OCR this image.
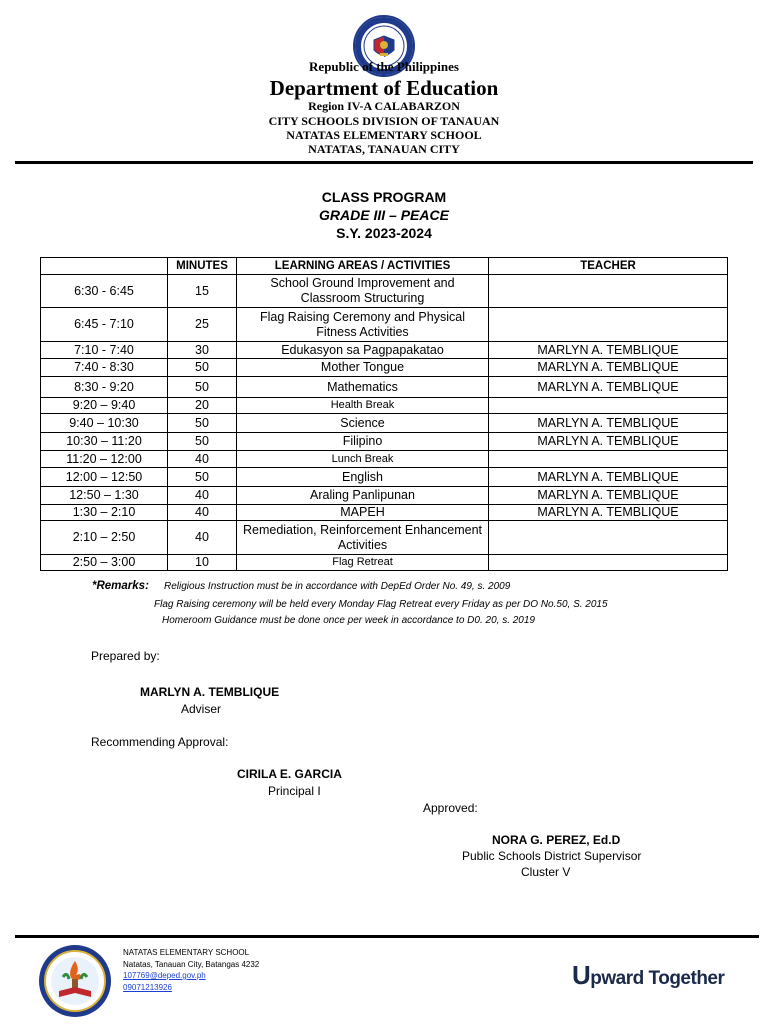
Republic of the Philippines
Department of Education
Region IV-A CALABARZON
CITY SCHOOLS DIVISION OF TANAUAN
NATATAS ELEMENTARY SCHOOL
NATATAS, TANAUAN CITY
CLASS PROGRAM
GRADE III – PEACE
S.Y. 2023-2024
	MINUTES	LEARNING AREAS / ACTIVITIES	TEACHER
6:30 - 6:45	15	School Ground Improvement and Classroom Structuring	
6:45 - 7:10	25	Flag Raising Ceremony and Physical Fitness Activities	
7:10 - 7:40	30	Edukasyon sa Pagpapakatao	MARLYN A. TEMBLIQUE
7:40 - 8:30	50	Mother Tongue	MARLYN A. TEMBLIQUE
8:30 - 9:20	50	Mathematics	MARLYN A. TEMBLIQUE
9:20 – 9:40	20	Health Break	
9:40 – 10:30	50	Science	MARLYN A. TEMBLIQUE
10:30 – 11:20	50	Filipino	MARLYN A. TEMBLIQUE
11:20 – 12:00	40	Lunch Break	
12:00 – 12:50	50	English	MARLYN A. TEMBLIQUE
12:50 – 1:30	40	Araling Panlipunan	MARLYN A. TEMBLIQUE
1:30 – 2:10	40	MAPEH	MARLYN A. TEMBLIQUE
2:10 – 2:50	40	Remediation, Reinforcement Enhancement Activities	
2:50 – 3:00	10	Flag Retreat	
*Remarks: Religious Instruction must be in accordance with DepEd Order No. 49, s. 2009
Flag Raising ceremony will be held every Monday Flag Retreat every Friday as per DO No.50, S. 2015
Homeroom Guidance must be done once per week in accordance to D0. 20, s. 2019
Prepared by:
MARLYN A. TEMBLIQUE
Adviser
Recommending Approval:
CIRILA E. GARCIA
Principal I
Approved:
NORA G. PEREZ, Ed.D
Public Schools District Supervisor
Cluster V
NATATAS ELEMENTARY SCHOOL
Natatas, Tanauan City, Batangas 4232
107769@deped.gov.ph
09071213926	Upward Together
